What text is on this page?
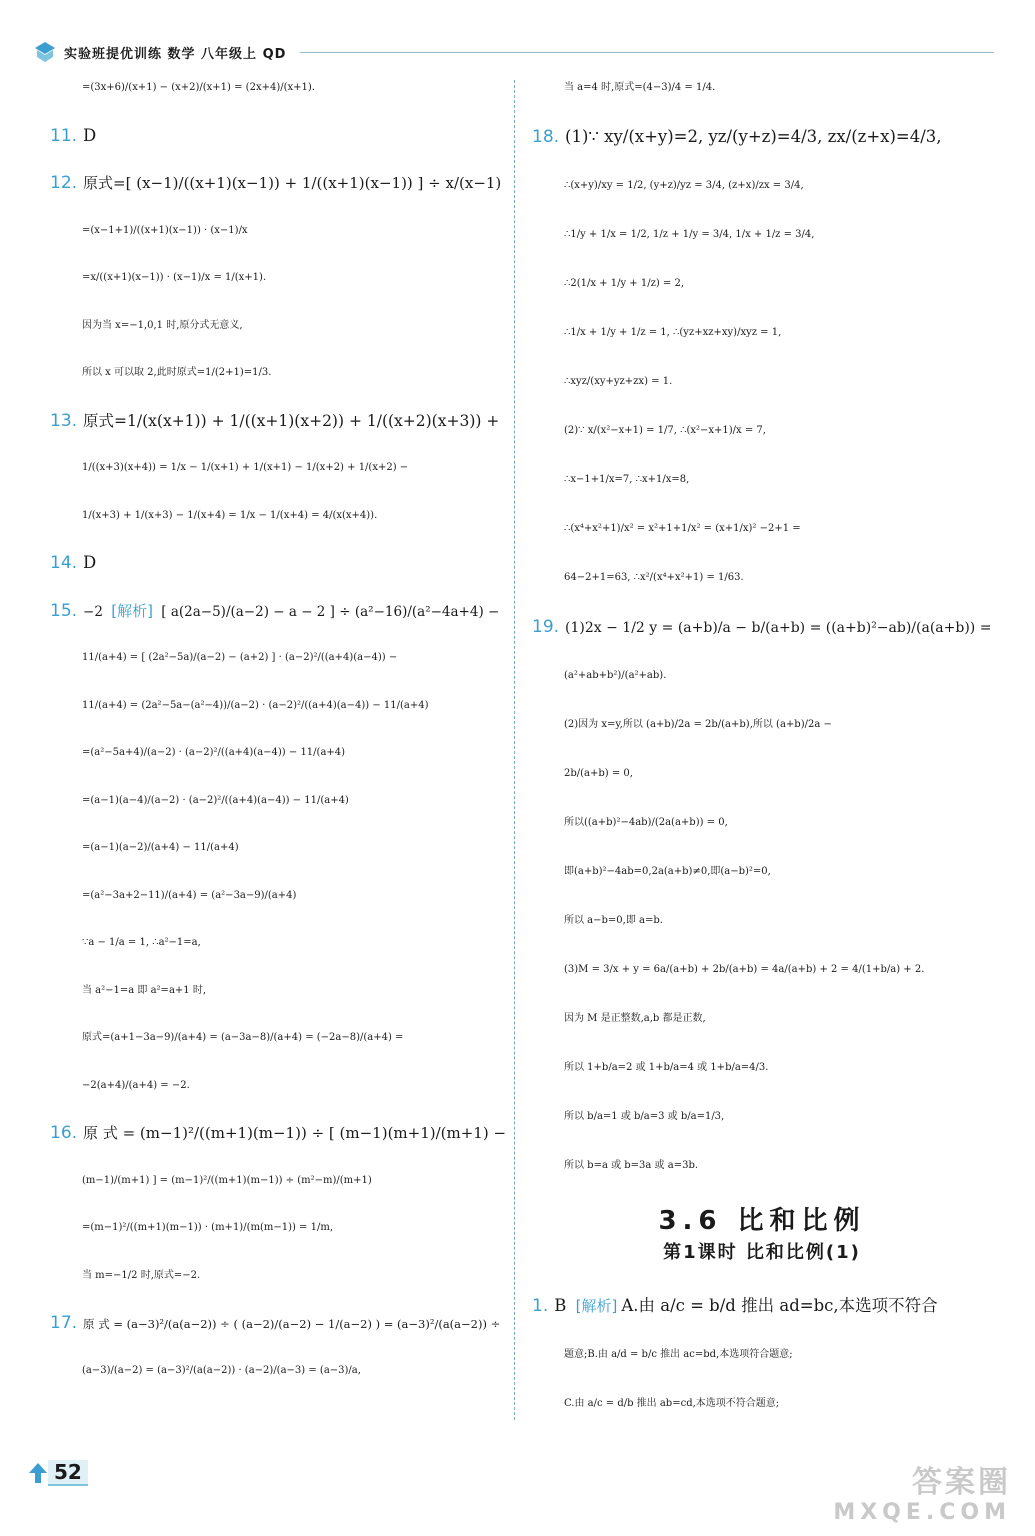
实验班提优训练 数学 八年级上 QD
=(3x+6)/(x+1) − (x+2)/(x+1) = (2x+4)/(x+1).
11. D
12. 原式=[ (x−1)/((x+1)(x−1)) + 1/((x+1)(x−1)) ] ÷ x/(x−1)
=(x−1+1)/((x+1)(x−1)) · (x−1)/x
=x/((x+1)(x−1)) · (x−1)/x = 1/(x+1).
因为当 x=−1,0,1 时,原分式无意义,
所以 x 可以取 2,此时原式=1/(2+1)=1/3.
13. 原式=1/(x(x+1)) + 1/((x+1)(x+2)) + 1/((x+2)(x+3)) +
1/((x+3)(x+4)) = 1/x − 1/(x+1) + 1/(x+1) − 1/(x+2) + 1/(x+2) −
1/(x+3) + 1/(x+3) − 1/(x+4) = 1/x − 1/(x+4) = 4/(x(x+4)).
14. D
15. −2 [解析] [ a(2a−5)/(a−2) − a − 2 ] ÷ (a²−16)/(a²−4a+4) −
11/(a+4) = [ (2a²−5a)/(a−2) − (a+2) ] · (a−2)²/((a+4)(a−4)) −
11/(a+4) = (2a²−5a−(a²−4))/(a−2) · (a−2)²/((a+4)(a−4)) − 11/(a+4)
=(a²−5a+4)/(a−2) · (a−2)²/((a+4)(a−4)) − 11/(a+4)
=(a−1)(a−4)/(a−2) · (a−2)²/((a+4)(a−4)) − 11/(a+4)
=(a−1)(a−2)/(a+4) − 11/(a+4)
=(a²−3a+2−11)/(a+4) = (a²−3a−9)/(a+4)
∵a − 1/a = 1, ∴a²−1=a,
当 a²−1=a 即 a²=a+1 时,
原式=(a+1−3a−9)/(a+4) = (a−3a−8)/(a+4) = (−2a−8)/(a+4) =
−2(a+4)/(a+4) = −2.
16. 原 式 = (m−1)²/((m+1)(m−1)) ÷ [ (m−1)(m+1)/(m+1) −
(m−1)/(m+1) ] = (m−1)²/((m+1)(m−1)) ÷ (m²−m)/(m+1)
=(m−1)²/((m+1)(m−1)) · (m+1)/(m(m−1)) = 1/m,
当 m=−1/2 时,原式=−2.
17. 原 式 = (a−3)²/(a(a−2)) ÷ ( (a−2)/(a−2) − 1/(a−2) ) = (a−3)²/(a(a−2)) ÷
(a−3)/(a−2) = (a−3)²/(a(a−2)) · (a−2)/(a−3) = (a−3)/a,
当 a=4 时,原式=(4−3)/4 = 1/4.
18. (1)∵ xy/(x+y)=2, yz/(y+z)=4/3, zx/(z+x)=4/3,
∴(x+y)/xy = 1/2, (y+z)/yz = 3/4, (z+x)/zx = 3/4,
∴1/y + 1/x = 1/2, 1/z + 1/y = 3/4, 1/x + 1/z = 3/4,
∴2(1/x + 1/y + 1/z) = 2,
∴1/x + 1/y + 1/z = 1, ∴(yz+xz+xy)/xyz = 1,
∴xyz/(xy+yz+zx) = 1.
(2)∵ x/(x²−x+1) = 1/7, ∴(x²−x+1)/x = 7,
∴x−1+1/x=7, ∴x+1/x=8,
∴(x⁴+x²+1)/x² = x²+1+1/x² = (x+1/x)² −2+1 =
64−2+1=63, ∴x²/(x⁴+x²+1) = 1/63.
19. (1)2x − 1/2 y = (a+b)/a − b/(a+b) = ((a+b)²−ab)/(a(a+b)) =
(a²+ab+b²)/(a²+ab).
(2)因为 x=y,所以 (a+b)/2a = 2b/(a+b),所以 (a+b)/2a −
2b/(a+b) = 0,
所以((a+b)²−4ab)/(2a(a+b)) = 0,
即(a+b)²−4ab=0,2a(a+b)≠0,即(a−b)²=0,
所以 a−b=0,即 a=b.
(3)M = 3/x + y = 6a/(a+b) + 2b/(a+b) = 4a/(a+b) + 2 = 4/(1+b/a) + 2.
因为 M 是正整数,a,b 都是正数,
所以 1+b/a=2 或 1+b/a=4 或 1+b/a=4/3.
所以 b/a=1 或 b/a=3 或 b/a=1/3,
所以 b=a 或 b=3a 或 a=3b.
1. B [解析] A.由 a/c = b/d 推出 ad=bc,本选项不符合
题意;B.由 a/d = b/c 推出 ac=bd,本选项符合题意;
C.由 a/c = d/b 推出 ab=cd,本选项不符合题意;
3.6 比和比例
第1课时 比和比例(1)
52	答案圈
MXQE.COM
